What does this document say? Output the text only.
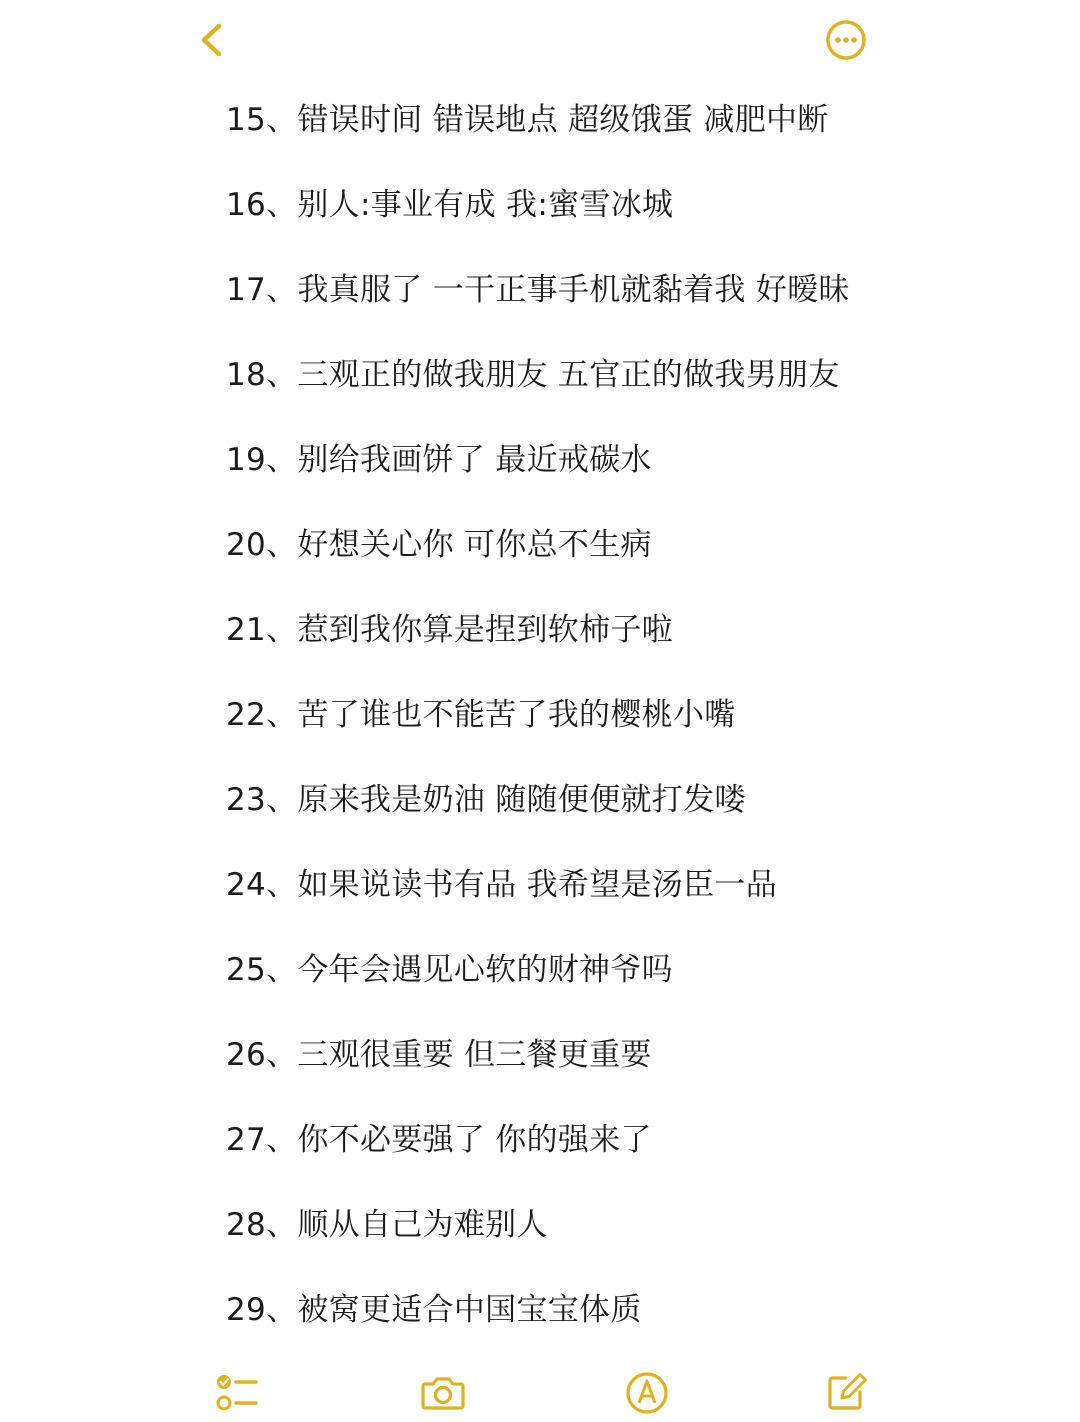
15、错误时间 错误地点 超级饿蛋 减肥中断
16、别人:事业有成 我:蜜雪冰城
17、我真服了 一干正事手机就黏着我 好暧昧
18、三观正的做我朋友 五官正的做我男朋友
19、别给我画饼了 最近戒碳水
20、好想关心你 可你总不生病
21、惹到我你算是捏到软柿子啦
22、苦了谁也不能苦了我的樱桃小嘴
23、原来我是奶油 随随便便就打发喽
24、如果说读书有品 我希望是汤臣一品
25、今年会遇见心软的财神爷吗
26、三观很重要 但三餐更重要
27、你不必要强了 你的强来了
28、顺从自己为难别人
29、被窝更适合中国宝宝体质
